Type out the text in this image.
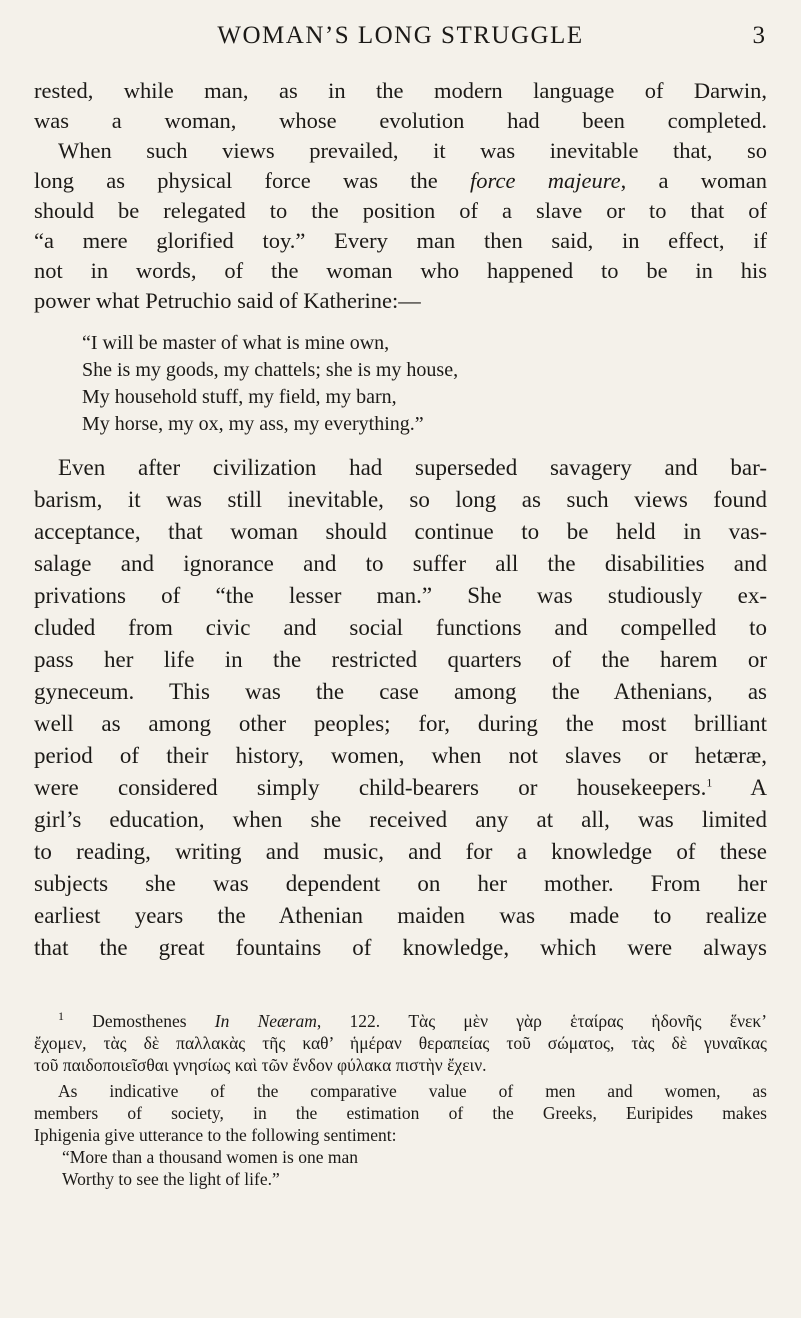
WOMAN’S LONG STRUGGLE	3

rested, while man, as in the modern language of Darwin,
was a woman, whose evolution had been completed.
When such views prevailed, it was inevitable that, so
long as physical force was the force majeure, a woman
should be relegated to the position of a slave or to that of
“a mere glorified toy.” Every man then said, in effect, if
not in words, of the woman who happened to be in his
power what Petruchio said of Katherine:—

“I will be master of what is mine own,
She is my goods, my chattels; she is my house,
My household stuff, my field, my barn,
My horse, my ox, my ass, my everything.”

Even after civilization had superseded savagery and bar-
barism, it was still inevitable, so long as such views found
acceptance, that woman should continue to be held in vas-
salage and ignorance and to suffer all the disabilities and
privations of “the lesser man.” She was studiously ex-
cluded from civic and social functions and compelled to
pass her life in the restricted quarters of the harem or
gyneceum. This was the case among the Athenians, as
well as among other peoples; for, during the most brilliant
period of their history, women, when not slaves or hetæræ,
were considered simply child-bearers or housekeepers.$^1$ A
girl’s education, when she received any at all, was limited
to reading, writing and music, and for a knowledge of these
subjects she was dependent on her mother. From her
earliest years the Athenian maiden was made to realize
that the great fountains of knowledge, which were always

$^1$ Demosthenes In Neæram, 122. Τὰς μὲν γὰρ ἑταίρας ἡδονῆς ἕνεκ’
ἔχομεν, τὰς δὲ παλλακὰς τῆς καθ’ ἡμέραν θεραπείας τοῦ σώματος, τὰς δὲ γυναῖκας
τοῦ παιδοποιεῖσθαι γνησίως καὶ τῶν ἔνδον φύλακα πιστὴν ἔχειν.
As indicative of the comparative value of men and women, as
members of society, in the estimation of the Greeks, Euripides makes
Iphigenia give utterance to the following sentiment:
“More than a thousand women is one man
Worthy to see the light of life.”
